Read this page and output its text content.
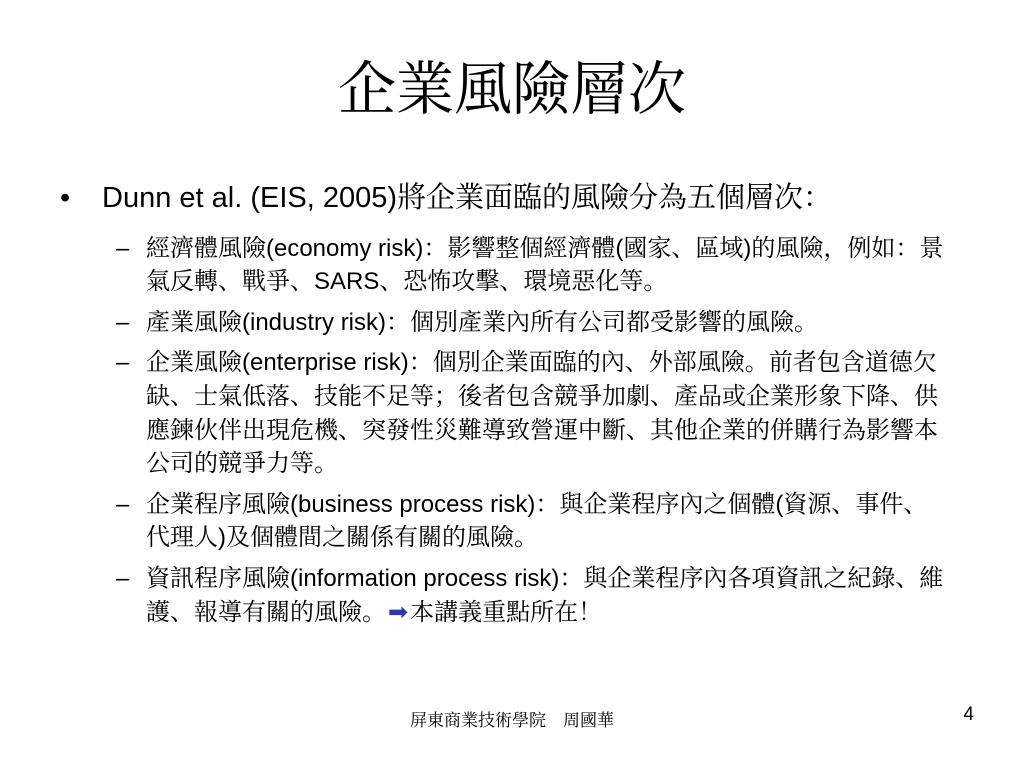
企業風險層次
•	Dunn et al. (EIS, 2005)將企業面臨的風險分為五個層次：
– 經濟體風險(economy risk)：影響整個經濟體(國家、區域)的風險，例如：景氣反轉、戰爭、SARS、恐怖攻擊、環境惡化等。
– 產業風險(industry risk)：個別產業內所有公司都受影響的風險。
– 企業風險(enterprise risk)：個別企業面臨的內、外部風險。前者包含道德欠缺、士氣低落、技能不足等；後者包含競爭加劇、產品或企業形象下降、供應鍊伙伴出現危機、突發性災難導致營運中斷、其他企業的併購行為影響本公司的競爭力等。
– 企業程序風險(business process risk)：與企業程序內之個體(資源、事件、代理人)及個體間之關係有關的風險。
– 資訊程序風險(information process risk)：與企業程序內各項資訊之紀錄、維護、報導有關的風險。➡本講義重點所在！
屏東商業技術學院　周國華	4
